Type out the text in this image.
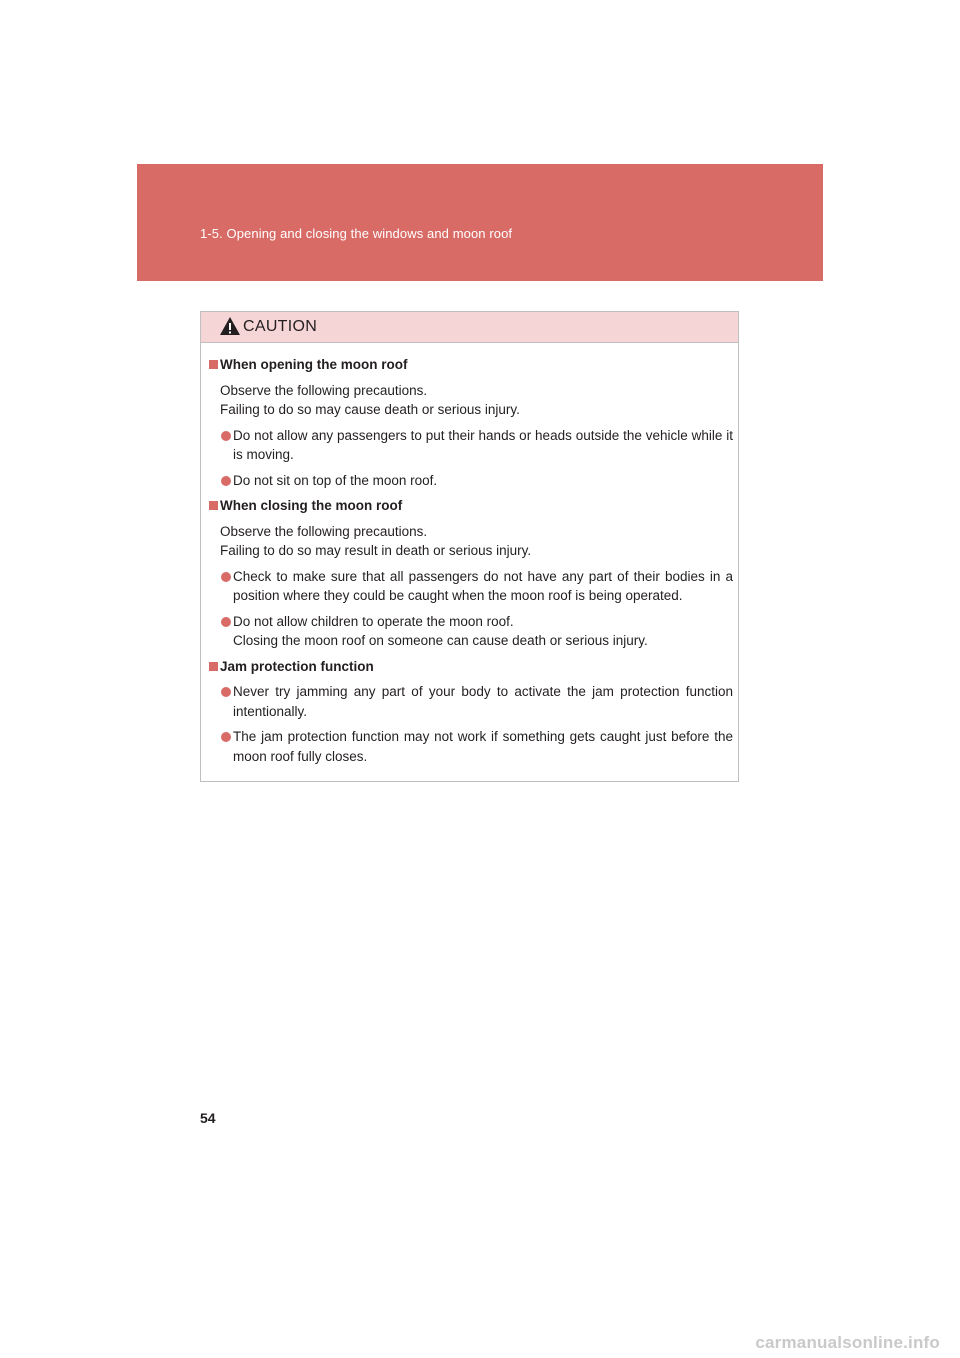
1-5. Opening and closing the windows and moon roof
CAUTION
When opening the moon roof
Observe the following precautions.
Failing to do so may cause death or serious injury.
Do not allow any passengers to put their hands or heads outside the vehicle while it is moving.
Do not sit on top of the moon roof.
When closing the moon roof
Observe the following precautions.
Failing to do so may result in death or serious injury.
Check to make sure that all passengers do not have any part of their bodies in a position where they could be caught when the moon roof is being operated.
Do not allow children to operate the moon roof.
Closing the moon roof on someone can cause death or serious injury.
Jam protection function
Never try jamming any part of your body to activate the jam protection function intentionally.
The jam protection function may not work if something gets caught just before the moon roof fully closes.
54
carmanualsonline.info
